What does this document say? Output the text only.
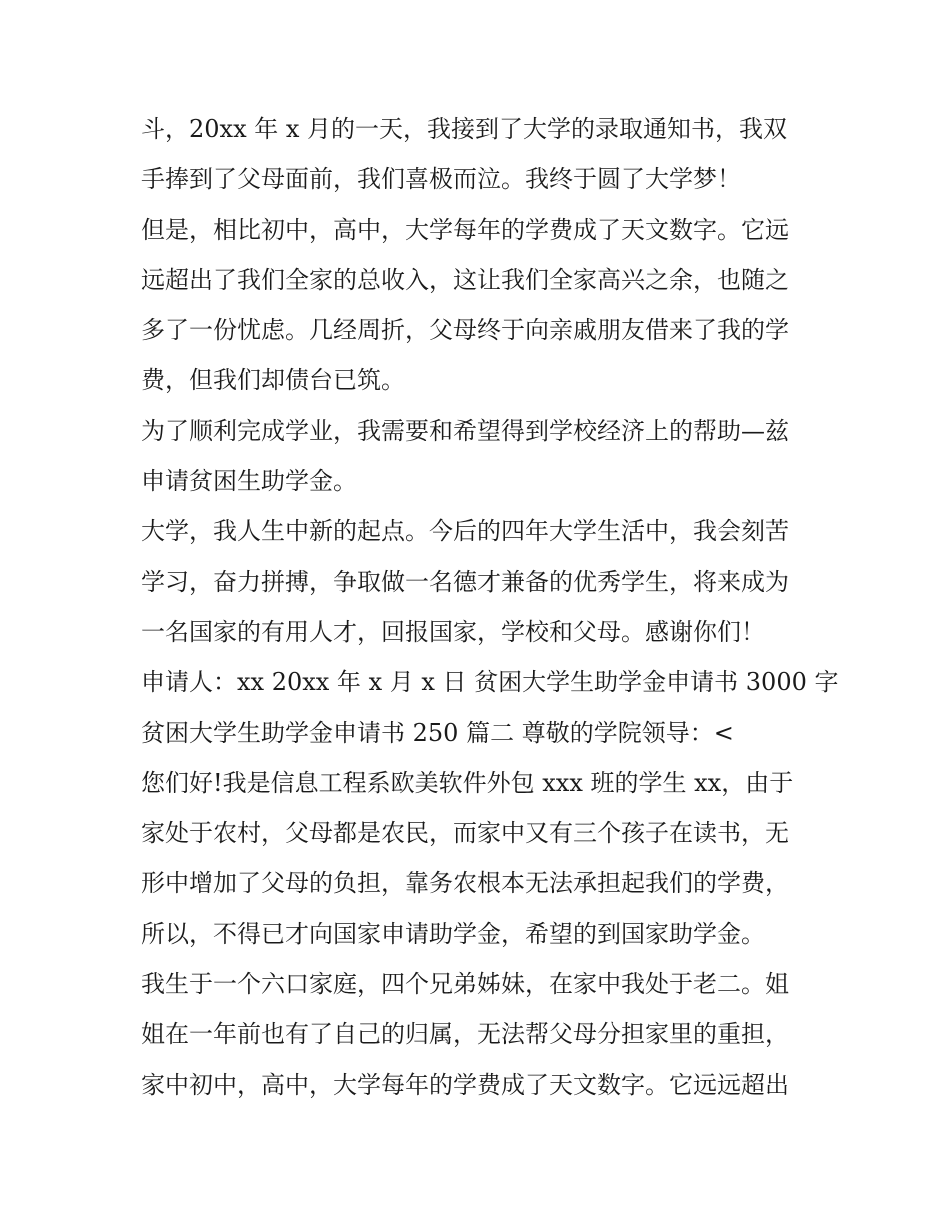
斗，20xx 年 x 月的一天，我接到了大学的录取通知书，我双
手捧到了父母面前，我们喜极而泣。我终于圆了大学梦！
但是，相比初中，高中，大学每年的学费成了天文数字。它远
远超出了我们全家的总收入，这让我们全家高兴之余，也随之
多了一份忧虑。几经周折，父母终于向亲戚朋友借来了我的学
费，但我们却债台已筑。
为了顺利完成学业，我需要和希望得到学校经济上的帮助—兹
申请贫困生助学金。
大学，我人生中新的起点。今后的四年大学生活中，我会刻苦
学习，奋力拼搏，争取做一名德才兼备的优秀学生，将来成为
一名国家的有用人才，回报国家，学校和父母。感谢你们！
申请人：xx 20xx 年 x 月 x 日 贫困大学生助学金申请书 3000 字
贫困大学生助学金申请书 250 篇二 尊敬的学院领导：<
您们好!我是信息工程系欧美软件外包 xxx 班的学生 xx，由于
家处于农村，父母都是农民，而家中又有三个孩子在读书，无
形中增加了父母的负担，靠务农根本无法承担起我们的学费，
所以，不得已才向国家申请助学金，希望的到国家助学金。
我生于一个六口家庭，四个兄弟姊妹，在家中我处于老二。姐
姐在一年前也有了自己的归属，无法帮父母分担家里的重担，
家中初中，高中，大学每年的学费成了天文数字。它远远超出
